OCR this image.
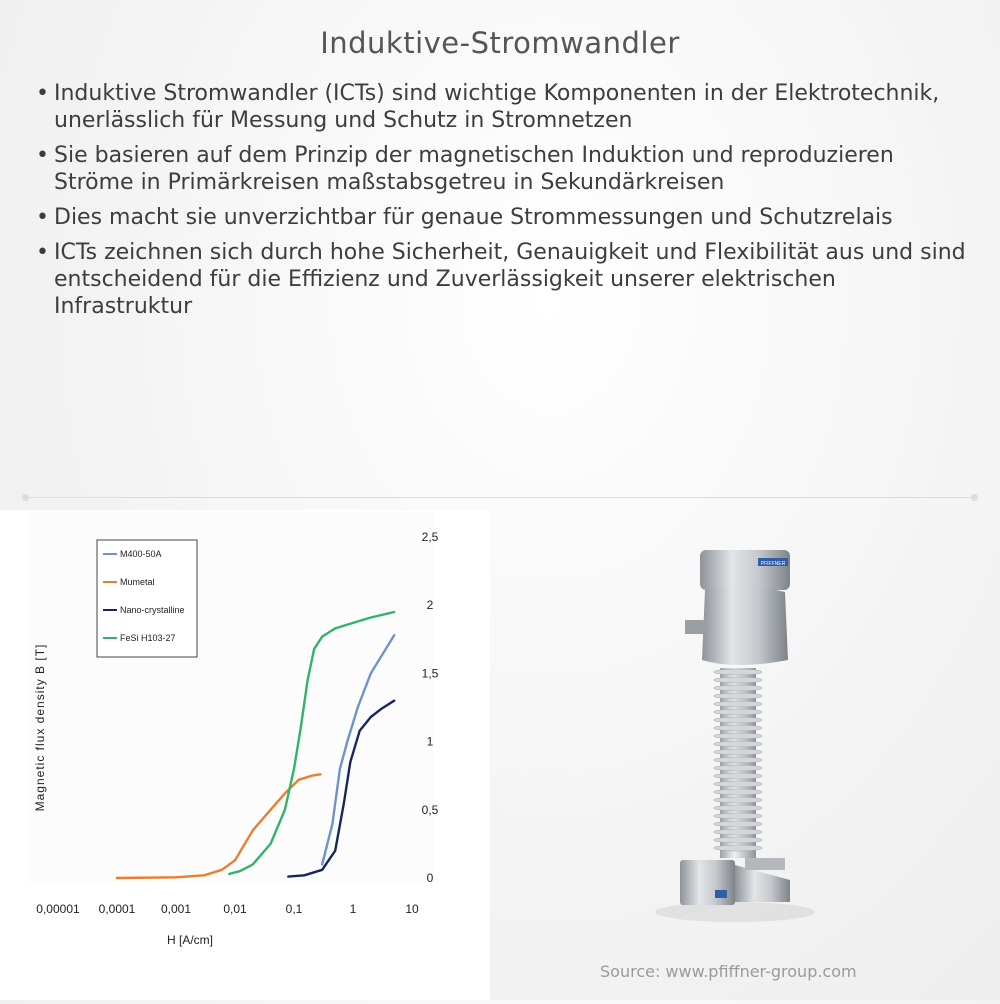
Induktive-Stromwandler
• Induktive Stromwandler (ICTs) sind wichtige Komponenten in der Elektrotechnik, unerlässlich für Messung und Schutz in Stromnetzen
• Sie basieren auf dem Prinzip der magnetischen Induktion und reproduzieren Ströme in Primärkreisen maßstabsgetreu in Sekundärkreisen
• Dies macht sie unverzichtbar für genaue Strommessungen und Schutzrelais
• ICTs zeichnen sich durch hohe Sicherheit, Genauigkeit und Flexibilität aus und sind entscheidend für die Effizienz und Zuverlässigkeit unserer elektrischen Infrastruktur
0,00001 0,0001 0,001	0,01	0,1	1	10
0
0,5
1
1,5
2
2,5
H [A/cm]
Magnetic flux density B [T]
M400-50A
Mumetal
Nano-crystalline
FeSi H103-27
PFIFFNER
Source: www.pfiffner-group.com
